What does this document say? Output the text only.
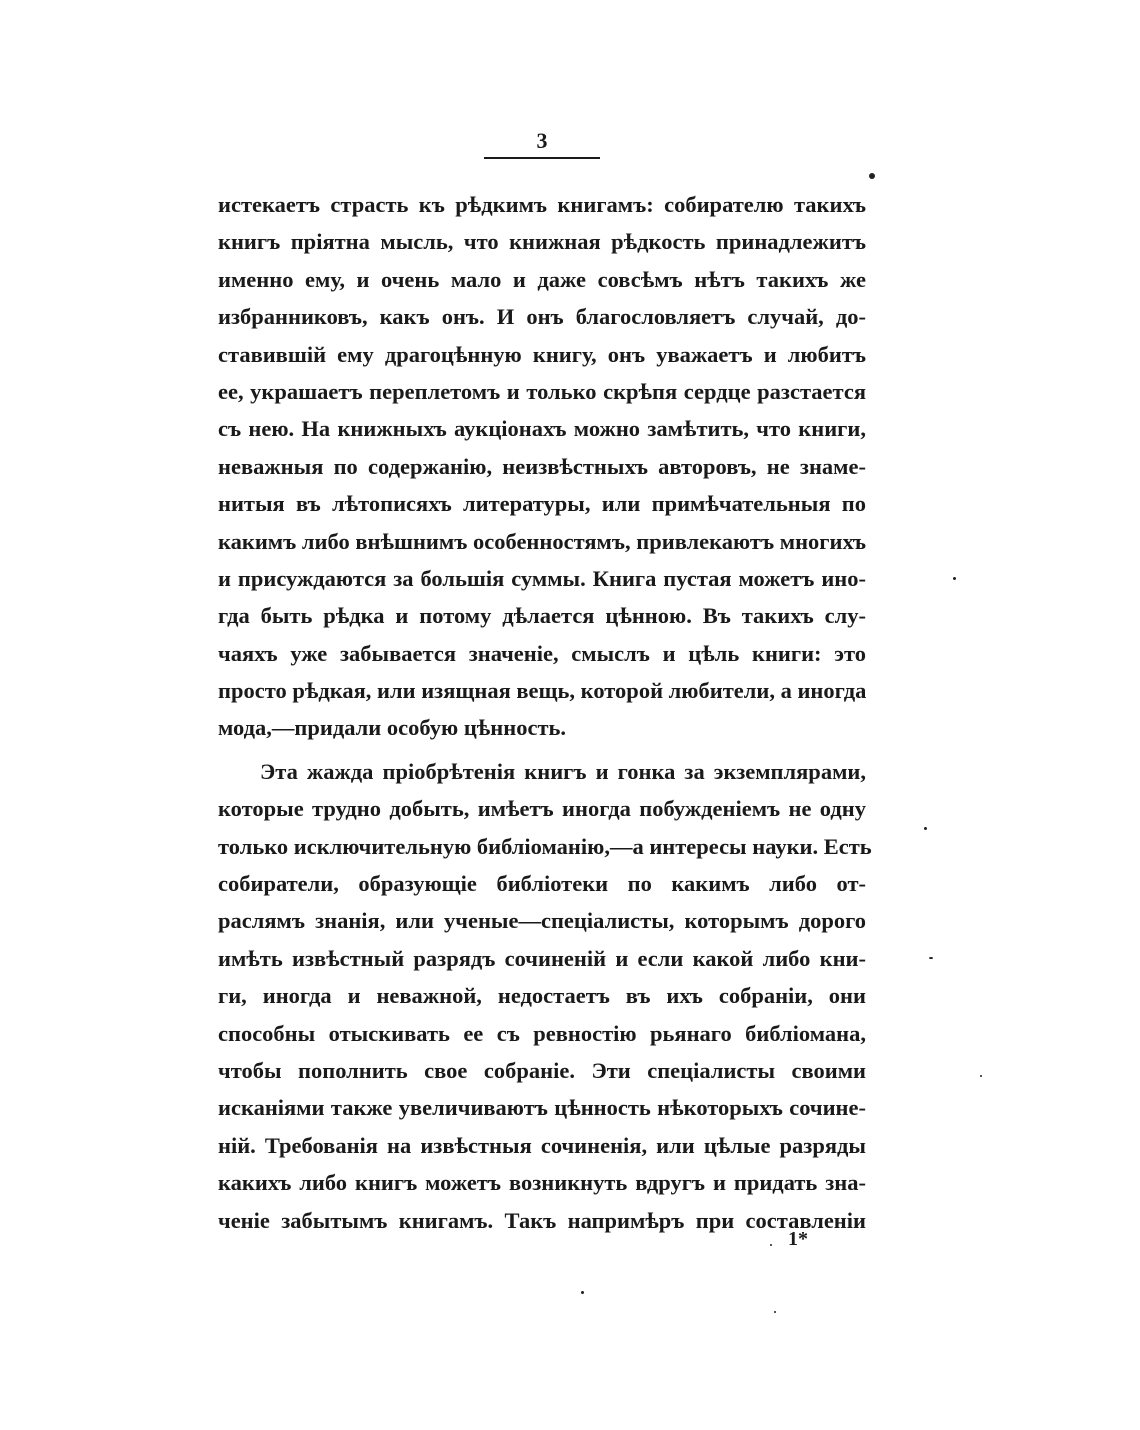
3
истекаетъ страсть къ рѣдкимъ книгамъ: собирателю такихъ
книгъ пріятна мысль, что книжная рѣдкость принадлежитъ
именно ему, и очень мало и даже совсѣмъ нѣтъ такихъ же
избранниковъ, какъ онъ. И онъ благословляетъ случай, до-
ставившій ему драгоцѣнную книгу, онъ уважаетъ и любитъ
ее, украшаетъ переплетомъ и только скрѣпя сердце разстается
съ нею. На книжныхъ аукціонахъ можно замѣтить, что книги,
неважныя по содержанію, неизвѣстныхъ авторовъ, не знаме-
нитыя въ лѣтописяхъ литературы, или примѣчательныя по
какимъ либо внѣшнимъ особенностямъ, привлекаютъ многихъ
и присуждаются за большія суммы. Книга пустая можетъ ино-
гда быть рѣдка и потому дѣлается цѣнною. Въ такихъ слу-
чаяхъ уже забывается значеніе, смыслъ и цѣль книги: это
просто рѣдкая, или изящная вещь, которой любители, а иногда
мода,—придали особую цѣнность.
Эта жажда пріобрѣтенія книгъ и гонка за экземплярами,
которые трудно добыть, имѣетъ иногда побужденіемъ не одну
только исключительную библіоманію,—а интересы науки. Есть
собиратели, образующіе библіотеки по какимъ либо от-
раслямъ знанія, или ученые—спеціалисты, которымъ дорого
имѣть извѣстный разрядъ сочиненій и если какой либо кни-
ги, иногда и неважной, недостаетъ въ ихъ собраніи, они
способны отыскивать ее съ ревностію рьянаго библіомана,
чтобы пополнить свое собраніе. Эти спеціалисты своими
исканіями также увеличиваютъ цѣнность нѣкоторыхъ сочине-
ній. Требованія на извѣстныя сочиненія, или цѣлые разряды
какихъ либо книгъ можетъ возникнуть вдругъ и придать зна-
ченіе забытымъ книгамъ. Такъ напримѣръ при составленіи
1*
